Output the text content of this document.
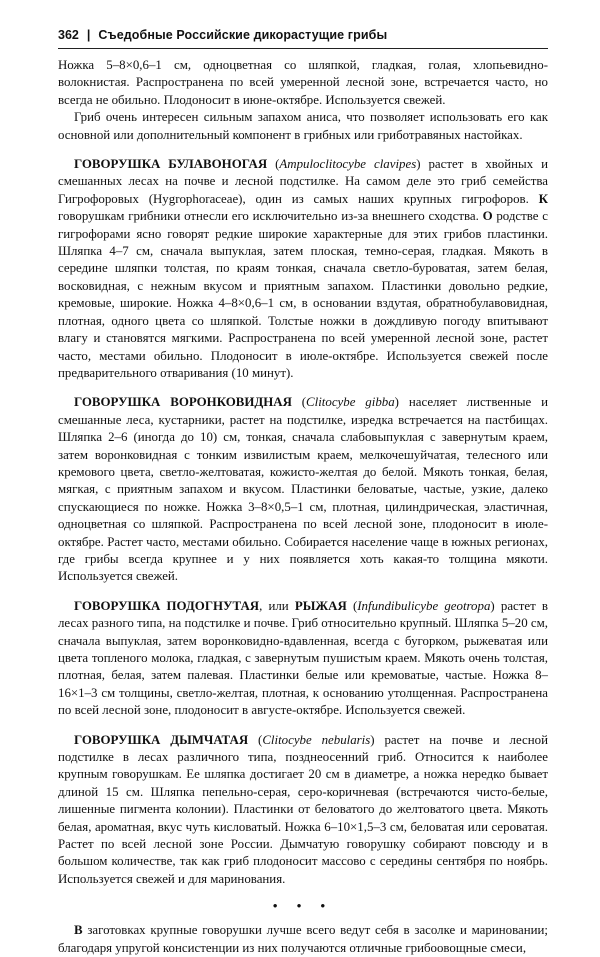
362 | Съедобные Российские дикорастущие грибы

Ножка 5–8×0,6–1 см, одноцветная со шляпкой, гладкая, голая, хлопьевидно-волокнистая. Распространена по всей умеренной лесной зоне, встречается часто, но всегда не обильно. Плодоносит в июне-октябре. Используется свежей.

Гриб очень интересен сильным запахом аниса, что позволяет использовать его как основной или дополнительный компонент в грибных или гриботравяных настойках.

ГОВОРУШКА БУЛАВОНОГАЯ (Ampuloclitocybe clavipes) растет в хвойных и смешанных лесах на почве и лесной подстилке. На самом деле это гриб семейства Гигрофоровых (Hygrophoraceae), один из самых наших крупных гигрофоров. К говорушкам грибники отнесли его исключительно из-за внешнего сходства. О родстве с гигрофорами ясно говорят редкие широкие характерные для этих грибов пластинки. Шляпка 4–7 см, сначала выпуклая, затем плоская, темно-серая, гладкая. Мякоть в середине шляпки толстая, по краям тонкая, сначала светло-буроватая, затем белая, восковидная, с нежным вкусом и приятным запахом. Пластинки довольно редкие, кремовые, широкие. Ножка 4–8×0,6–1 см, в основании вздутая, обратнобулавовидная, плотная, одного цвета со шляпкой. Толстые ножки в дождливую погоду впитывают влагу и становятся мягкими. Распространена по всей умеренной лесной зоне, растет часто, местами обильно. Плодоносит в июле-октябре. Используется свежей после предварительного отваривания (10 минут).

ГОВОРУШКА ВОРОНКОВИДНАЯ (Clitocybe gibba) населяет лиственные и смешанные леса, кустарники, растет на подстилке, изредка встречается на пастбищах. Шляпка 2–6 (иногда до 10) см, тонкая, сначала слабовыпуклая с завернутым краем, затем воронковидная с тонким извилистым краем, мелкочешуйчатая, телесного или кремового цвета, светло-желтоватая, кожисто-желтая до белой. Мякоть тонкая, белая, мягкая, с приятным запахом и вкусом. Пластинки беловатые, частые, узкие, далеко спускающиеся по ножке. Ножка 3–8×0,5–1 см, плотная, цилиндрическая, эластичная, одноцветная со шляпкой. Распространена по всей лесной зоне, плодоносит в июле-октябре. Растет часто, местами обильно. Собирается население чаще в южных регионах, где грибы всегда крупнее и у них появляется хоть какая-то толщина мякоти. Используется свежей.

ГОВОРУШКА ПОДОГНУТАЯ, или РЫЖАЯ (Infundibulicybe geotropa) растет в лесах разного типа, на подстилке и почве. Гриб относительно крупный. Шляпка 5–20 см, сначала выпуклая, затем воронковидно-вдавленная, всегда с бугорком, рыжеватая или цвета топленого молока, гладкая, с завернутым пушистым краем. Мякоть очень толстая, плотная, белая, затем палевая. Пластинки белые или кремоватые, частые. Ножка 8–16×1–3 см толщины, светло-желтая, плотная, к основанию утолщенная. Распространена по всей лесной зоне, плодоносит в августе-октябре. Используется свежей.

ГОВОРУШКА ДЫМЧАТАЯ (Clitocybe nebularis) растет на почве и лесной подстилке в лесах различного типа, позднеосенний гриб. Относится к наиболее крупным говорушкам. Ее шляпка достигает 20 см в диаметре, а ножка нередко бывает длиной 15 см. Шляпка пепельно-серая, серо-коричневая (встречаются чисто-белые, лишенные пигмента колонии). Пластинки от беловатого до желтоватого цвета. Мякоть белая, ароматная, вкус чуть кисловатый. Ножка 6–10×1,5–3 см, беловатая или сероватая. Растет по всей лесной зоне России. Дымчатую говорушку собирают повсюду и в большом количестве, так как гриб плодоносит массово с середины сентября по ноябрь. Используется свежей и для маринования.

• • •

В заготовках крупные говорушки лучше всего ведут себя в засолке и мариновании; благодаря упругой консистенции из них получаются отличные грибоовощные смеси,
